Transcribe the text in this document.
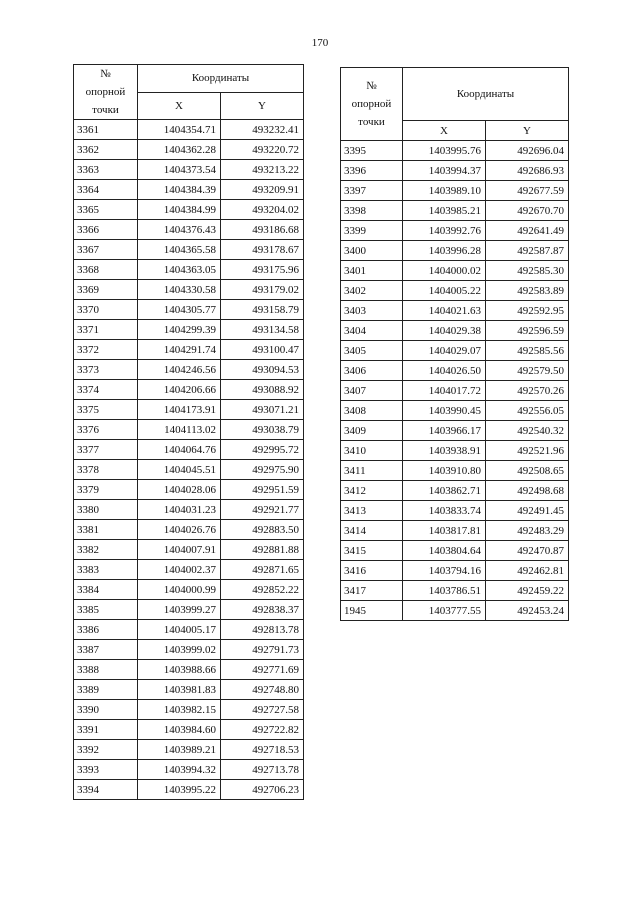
170
№
опорной
точки	Координаты	
	X	Y
3361	1404354.71	493232.41
3362	1404362.28	493220.72
3363	1404373.54	493213.22
3364	1404384.39	493209.91
3365	1404384.99	493204.02
3366	1404376.43	493186.68
3367	1404365.58	493178.67
3368	1404363.05	493175.96
3369	1404330.58	493179.02
3370	1404305.77	493158.79
3371	1404299.39	493134.58
3372	1404291.74	493100.47
3373	1404246.56	493094.53
3374	1404206.66	493088.92
3375	1404173.91	493071.21
3376	1404113.02	493038.79
3377	1404064.76	492995.72
3378	1404045.51	492975.90
3379	1404028.06	492951.59
3380	1404031.23	492921.77
3381	1404026.76	492883.50
3382	1404007.91	492881.88
3383	1404002.37	492871.65
3384	1404000.99	492852.22
3385	1403999.27	492838.37
3386	1404005.17	492813.78
3387	1403999.02	492791.73
3388	1403988.66	492771.69
3389	1403981.83	492748.80
3390	1403982.15	492727.58
3391	1403984.60	492722.82
3392	1403989.21	492718.53
3393	1403994.32	492713.78
3394	1403995.22	492706.23
№
опорной
точки	Координаты	
	X	Y
3395	1403995.76	492696.04
3396	1403994.37	492686.93
3397	1403989.10	492677.59
3398	1403985.21	492670.70
3399	1403992.76	492641.49
3400	1403996.28	492587.87
3401	1404000.02	492585.30
3402	1404005.22	492583.89
3403	1404021.63	492592.95
3404	1404029.38	492596.59
3405	1404029.07	492585.56
3406	1404026.50	492579.50
3407	1404017.72	492570.26
3408	1403990.45	492556.05
3409	1403966.17	492540.32
3410	1403938.91	492521.96
3411	1403910.80	492508.65
3412	1403862.71	492498.68
3413	1403833.74	492491.45
3414	1403817.81	492483.29
3415	1403804.64	492470.87
3416	1403794.16	492462.81
3417	1403786.51	492459.22
1945	1403777.55	492453.24
